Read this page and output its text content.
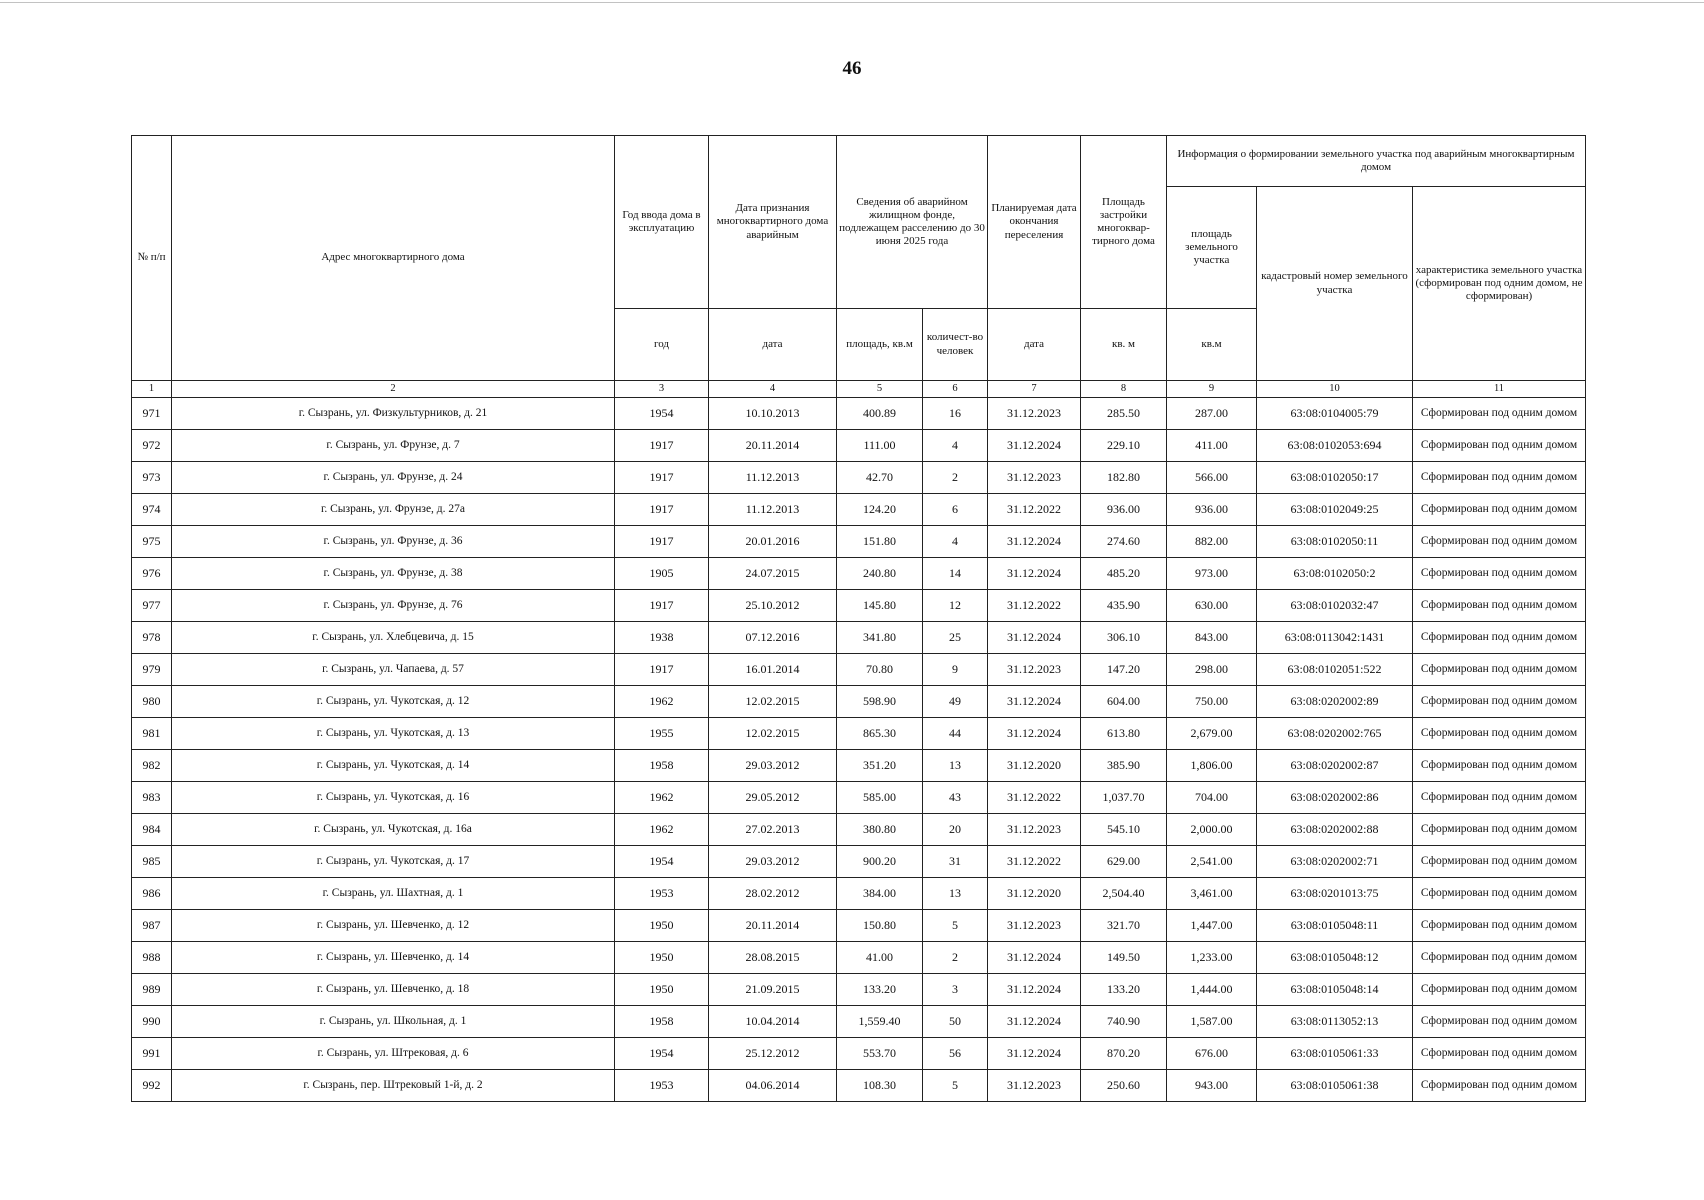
46
№ п/п	Адрес многоквартирного дома	Год ввода дома в эксплуатацию	Дата признания многоквартирного дома аварийным	Сведения об аварийном жилищном фонде, подлежащем расселению до 30 июня 2025 года		Планируемая дата окончания переселения	Площадь застройки многоквар-тирного дома	Информация о формировании земельного участка под аварийным многоквартирным домом		
								площадь земельного участка	кадастровый номер земельного участка	характеристика земельного участка (сформирован под одним домом, не сформирован)
		год	дата	площадь, кв.м	количест-во человек	дата	кв. м	кв.м		
1	2	3	4	5	6	7	8	9	10	11
971	г. Сызрань, ул. Физкультурников, д. 21	1954	10.10.2013	400.89	16	31.12.2023	285.50	287.00	63:08:0104005:79	Сформирован под одним домом
972	г. Сызрань, ул. Фрунзе, д. 7	1917	20.11.2014	111.00	4	31.12.2024	229.10	411.00	63:08:0102053:694	Сформирован под одним домом
973	г. Сызрань, ул. Фрунзе, д. 24	1917	11.12.2013	42.70	2	31.12.2023	182.80	566.00	63:08:0102050:17	Сформирован под одним домом
974	г. Сызрань, ул. Фрунзе, д. 27а	1917	11.12.2013	124.20	6	31.12.2022	936.00	936.00	63:08:0102049:25	Сформирован под одним домом
975	г. Сызрань, ул. Фрунзе, д. 36	1917	20.01.2016	151.80	4	31.12.2024	274.60	882.00	63:08:0102050:11	Сформирован под одним домом
976	г. Сызрань, ул. Фрунзе, д. 38	1905	24.07.2015	240.80	14	31.12.2024	485.20	973.00	63:08:0102050:2	Сформирован под одним домом
977	г. Сызрань, ул. Фрунзе, д. 76	1917	25.10.2012	145.80	12	31.12.2022	435.90	630.00	63:08:0102032:47	Сформирован под одним домом
978	г. Сызрань, ул. Хлебцевича, д. 15	1938	07.12.2016	341.80	25	31.12.2024	306.10	843.00	63:08:0113042:1431	Сформирован под одним домом
979	г. Сызрань, ул. Чапаева, д. 57	1917	16.01.2014	70.80	9	31.12.2023	147.20	298.00	63:08:0102051:522	Сформирован под одним домом
980	г. Сызрань, ул. Чукотская, д. 12	1962	12.02.2015	598.90	49	31.12.2024	604.00	750.00	63:08:0202002:89	Сформирован под одним домом
981	г. Сызрань, ул. Чукотская, д. 13	1955	12.02.2015	865.30	44	31.12.2024	613.80	2,679.00	63:08:0202002:765	Сформирован под одним домом
982	г. Сызрань, ул. Чукотская, д. 14	1958	29.03.2012	351.20	13	31.12.2020	385.90	1,806.00	63:08:0202002:87	Сформирован под одним домом
983	г. Сызрань, ул. Чукотская, д. 16	1962	29.05.2012	585.00	43	31.12.2022	1,037.70	704.00	63:08:0202002:86	Сформирован под одним домом
984	г. Сызрань, ул. Чукотская, д. 16а	1962	27.02.2013	380.80	20	31.12.2023	545.10	2,000.00	63:08:0202002:88	Сформирован под одним домом
985	г. Сызрань, ул. Чукотская, д. 17	1954	29.03.2012	900.20	31	31.12.2022	629.00	2,541.00	63:08:0202002:71	Сформирован под одним домом
986	г. Сызрань, ул. Шахтная, д. 1	1953	28.02.2012	384.00	13	31.12.2020	2,504.40	3,461.00	63:08:0201013:75	Сформирован под одним домом
987	г. Сызрань, ул. Шевченко, д. 12	1950	20.11.2014	150.80	5	31.12.2023	321.70	1,447.00	63:08:0105048:11	Сформирован под одним домом
988	г. Сызрань, ул. Шевченко, д. 14	1950	28.08.2015	41.00	2	31.12.2024	149.50	1,233.00	63:08:0105048:12	Сформирован под одним домом
989	г. Сызрань, ул. Шевченко, д. 18	1950	21.09.2015	133.20	3	31.12.2024	133.20	1,444.00	63:08:0105048:14	Сформирован под одним домом
990	г. Сызрань, ул. Школьная, д. 1	1958	10.04.2014	1,559.40	50	31.12.2024	740.90	1,587.00	63:08:0113052:13	Сформирован под одним домом
991	г. Сызрань, ул. Штрековая, д. 6	1954	25.12.2012	553.70	56	31.12.2024	870.20	676.00	63:08:0105061:33	Сформирован под одним домом
992	г. Сызрань, пер. Штрековый 1-й, д. 2	1953	04.06.2014	108.30	5	31.12.2023	250.60	943.00	63:08:0105061:38	Сформирован под одним домом
